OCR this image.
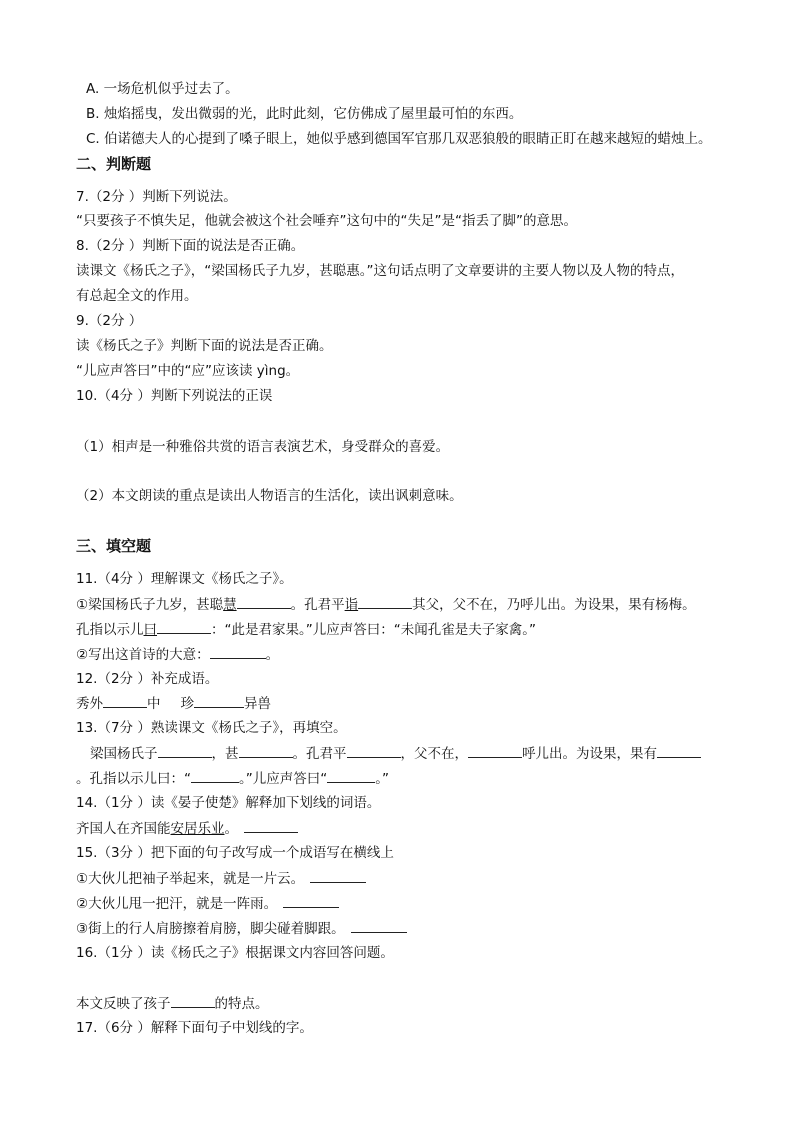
A. 一场危机似乎过去了。
B. 烛焰摇曳，发出微弱的光，此时此刻，它仿佛成了屋里最可怕的东西。
C. 伯诺德夫人的心提到了嗓子眼上，她似乎感到德国军官那几双恶狼般的眼睛正盯在越来越短的蜡烛上。
二、判断题
7.（2分 ）判断下列说法。
“只要孩子不慎失足，他就会被这个社会唾弃”这句中的“失足”是“指丢了脚”的意思。
8.（2分 ）判断下面的说法是否正确。
读课文《杨氏之子》，“梁国杨氏子九岁，甚聪惠。”这句话点明了文章要讲的主要人物以及人物的特点，
有总起全文的作用。
9.（2分 ）
读《杨氏之子》判断下面的说法是否正确。
“儿应声答曰”中的“应”应该读 yìng。
10.（4分 ）判断下列说法的正误
（1）相声是一种雅俗共赏的语言表演艺术，身受群众的喜爱。
（2）本文朗读的重点是读出人物语言的生活化，读出讽刺意味。
三、填空题
11.（4分 ）理解课文《杨氏之子》。
①梁国杨氏子九岁，甚聪慧	。孔君平诣	其父，父不在，乃呼儿出。为设果，果有杨梅。
孔指以示儿曰	：“此是君家果。”儿应声答曰：“未闻孔雀是夫子家禽。”
②写出这首诗的大意：	。
12.（2分 ）补充成语。
秀外	中 珍	异兽
13.（7分 ）熟读课文《杨氏之子》，再填空。
梁国杨氏子	，甚	。孔君平	，父不在，	呼儿出。为设果，果有
。孔指以示儿曰：“	。”儿应声答曰“	。”
14.（1分 ）读《晏子使楚》解释加下划线的词语。
齐国人在齐国能安居乐业。
15.（3分 ）把下面的句子改写成一个成语写在横线上
①大伙儿把袖子举起来，就是一片云。
②大伙儿甩一把汗，就是一阵雨。
③街上的行人肩膀擦着肩膀，脚尖碰着脚跟。
16.（1分 ）读《杨氏之子》根据课文内容回答问题。
本文反映了孩子	的特点。
17.（6分 ）解释下面句子中划线的字。
